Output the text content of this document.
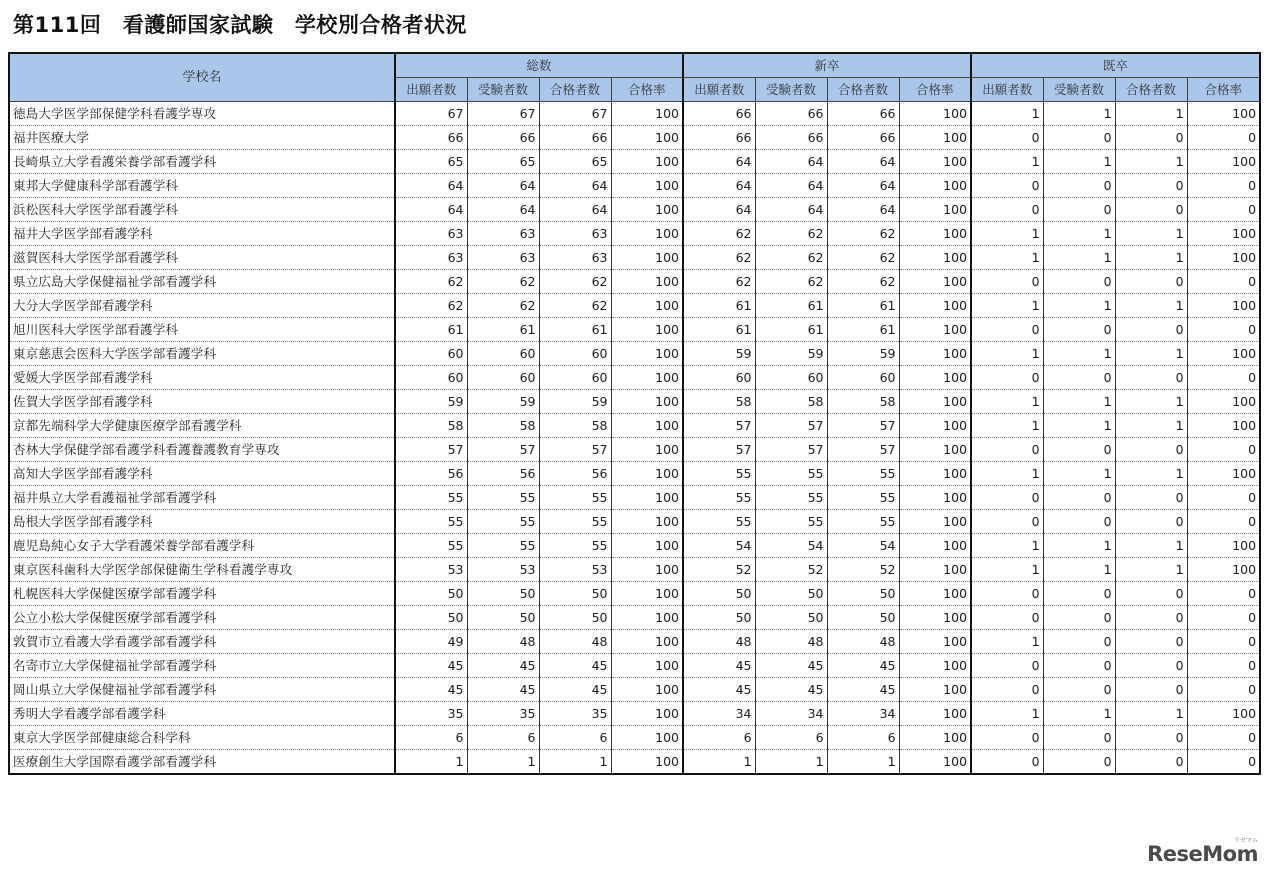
第111回　看護師国家試験　学校別合格者状況
学校名	総数				新卒				既卒			
	出願者数	受験者数	合格者数	合格率	出願者数	受験者数	合格者数	合格率	出願者数	受験者数	合格者数	合格率
徳島大学医学部保健学科看護学専攻	67	67	67	100	66	66	66	100	1	1	1	100
福井医療大学	66	66	66	100	66	66	66	100	0	0	0	0
長崎県立大学看護栄養学部看護学科	65	65	65	100	64	64	64	100	1	1	1	100
東邦大学健康科学部看護学科	64	64	64	100	64	64	64	100	0	0	0	0
浜松医科大学医学部看護学科	64	64	64	100	64	64	64	100	0	0	0	0
福井大学医学部看護学科	63	63	63	100	62	62	62	100	1	1	1	100
滋賀医科大学医学部看護学科	63	63	63	100	62	62	62	100	1	1	1	100
県立広島大学保健福祉学部看護学科	62	62	62	100	62	62	62	100	0	0	0	0
大分大学医学部看護学科	62	62	62	100	61	61	61	100	1	1	1	100
旭川医科大学医学部看護学科	61	61	61	100	61	61	61	100	0	0	0	0
東京慈恵会医科大学医学部看護学科	60	60	60	100	59	59	59	100	1	1	1	100
愛媛大学医学部看護学科	60	60	60	100	60	60	60	100	0	0	0	0
佐賀大学医学部看護学科	59	59	59	100	58	58	58	100	1	1	1	100
京都先端科学大学健康医療学部看護学科	58	58	58	100	57	57	57	100	1	1	1	100
杏林大学保健学部看護学科看護養護教育学専攻	57	57	57	100	57	57	57	100	0	0	0	0
高知大学医学部看護学科	56	56	56	100	55	55	55	100	1	1	1	100
福井県立大学看護福祉学部看護学科	55	55	55	100	55	55	55	100	0	0	0	0
島根大学医学部看護学科	55	55	55	100	55	55	55	100	0	0	0	0
鹿児島純心女子大学看護栄養学部看護学科	55	55	55	100	54	54	54	100	1	1	1	100
東京医科歯科大学医学部保健衛生学科看護学専攻	53	53	53	100	52	52	52	100	1	1	1	100
札幌医科大学保健医療学部看護学科	50	50	50	100	50	50	50	100	0	0	0	0
公立小松大学保健医療学部看護学科	50	50	50	100	50	50	50	100	0	0	0	0
敦賀市立看護大学看護学部看護学科	49	48	48	100	48	48	48	100	1	0	0	0
名寄市立大学保健福祉学部看護学科	45	45	45	100	45	45	45	100	0	0	0	0
岡山県立大学保健福祉学部看護学科	45	45	45	100	45	45	45	100	0	0	0	0
秀明大学看護学部看護学科	35	35	35	100	34	34	34	100	1	1	1	100
東京大学医学部健康総合科学科	6	6	6	100	6	6	6	100	0	0	0	0
医療創生大学国際看護学部看護学科	1	1	1	100	1	1	1	100	0	0	0	0
リセマム
ReseMom
